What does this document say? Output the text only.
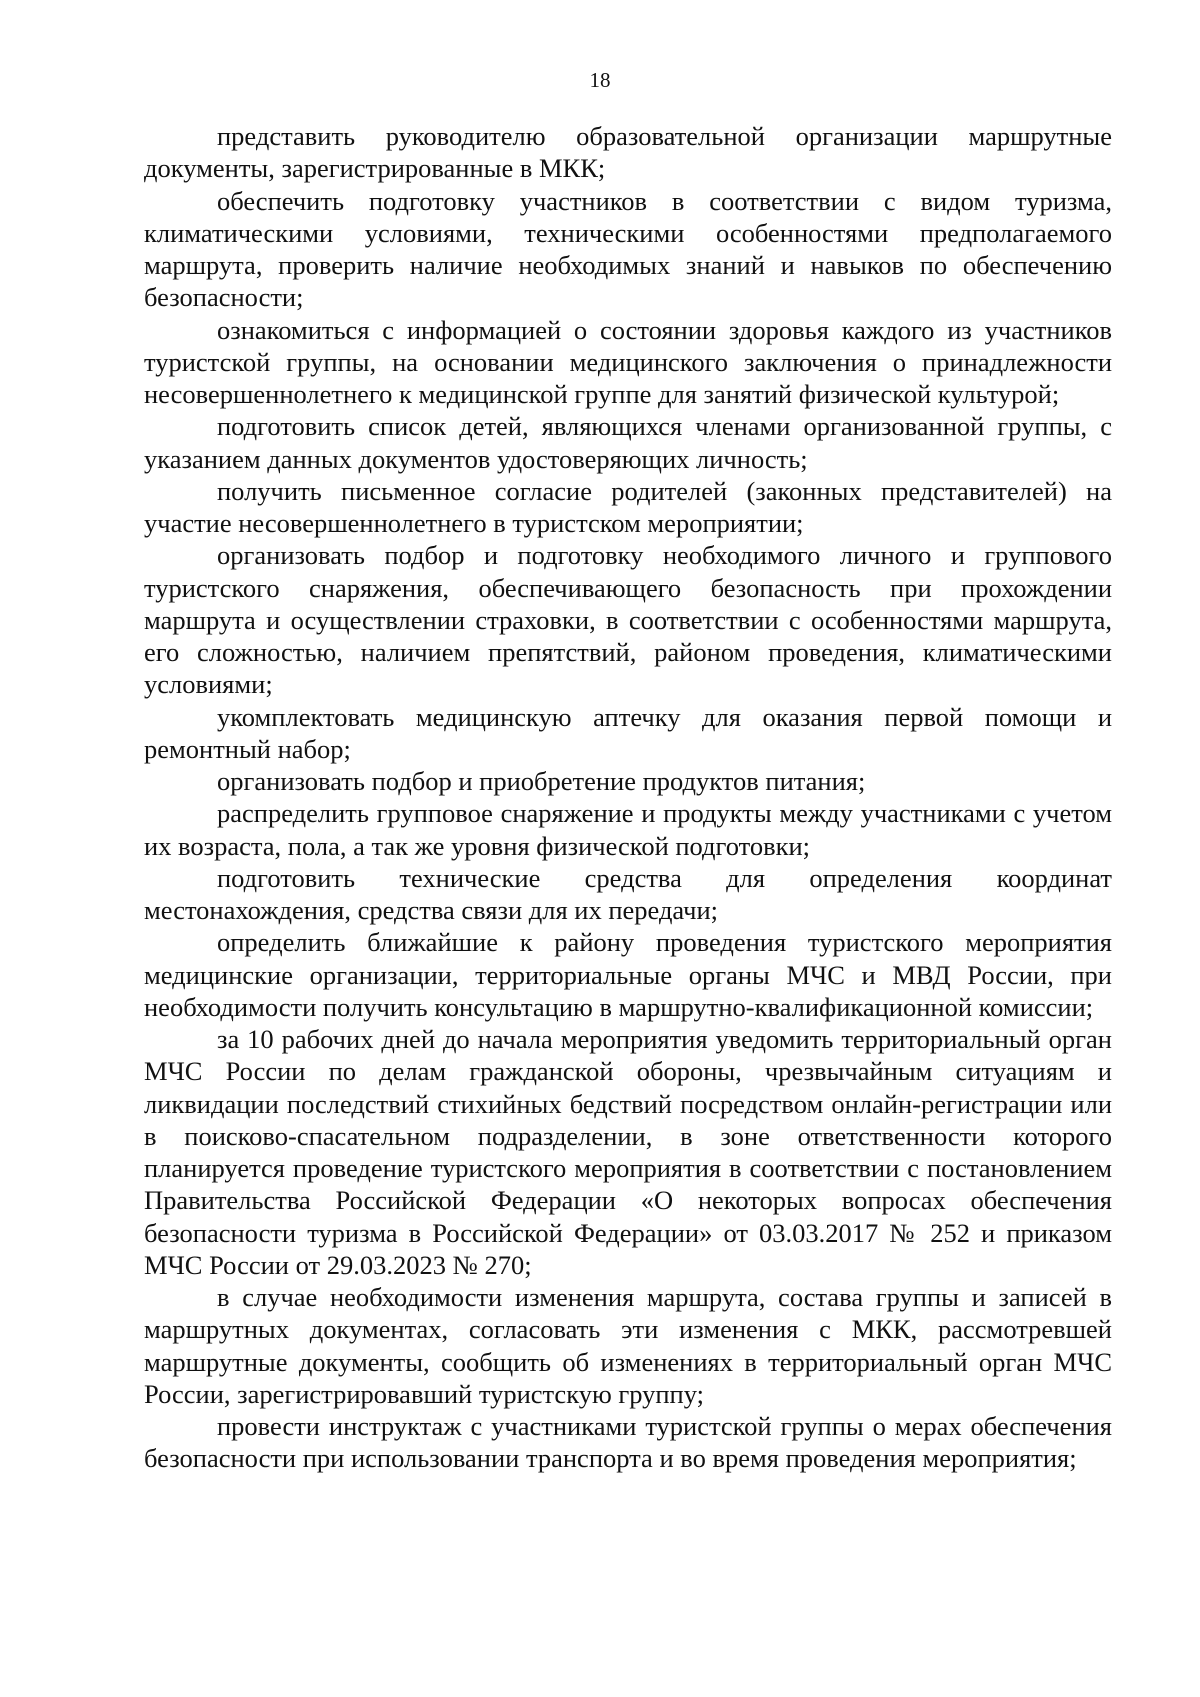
18

представить руководителю образовательной организации маршрутные документы, зарегистрированные в МКК;

обеспечить подготовку участников в соответствии с видом туризма, климатическими условиями, техническими особенностями предполагаемого маршрута, проверить наличие необходимых знаний и навыков по обеспечению безопасности;

ознакомиться с информацией о состоянии здоровья каждого из участников туристской группы, на основании медицинского заключения о принадлежности несовершеннолетнего к медицинской группе для занятий физической культурой;

подготовить список детей, являющихся членами организованной группы, с указанием данных документов удостоверяющих личность;

получить письменное согласие родителей (законных представителей) на участие несовершеннолетнего в туристском мероприятии;

организовать подбор и подготовку необходимого личного и группового туристского снаряжения, обеспечивающего безопасность при прохождении маршрута и осуществлении страховки, в соответствии с особенностями маршрута, его сложностью, наличием препятствий, районом проведения, климатическими условиями;

укомплектовать медицинскую аптечку для оказания первой помощи и ремонтный набор;

организовать подбор и приобретение продуктов питания;

распределить групповое снаряжение и продукты между участниками с учетом их возраста, пола, а так же уровня физической подготовки;

подготовить технические средства для определения координат местонахождения, средства связи для их передачи;

определить ближайшие к району проведения туристского мероприятия медицинские организации, территориальные органы МЧС и МВД России, при необходимости получить консультацию в маршрутно-квалификационной комиссии;

за 10 рабочих дней до начала мероприятия уведомить территориальный орган МЧС России по делам гражданской обороны, чрезвычайным ситуациям и ликвидации последствий стихийных бедствий посредством онлайн-регистрации или в поисково-спасательном подразделении, в зоне ответственности которого планируется проведение туристского мероприятия в соответствии с постановлением Правительства Российской Федерации «О некоторых вопросах обеспечения безопасности туризма в Российской Федерации» от 03.03.2017 № 252 и приказом МЧС России от 29.03.2023 № 270;

в случае необходимости изменения маршрута, состава группы и записей в маршрутных документах, согласовать эти изменения с МКК, рассмотревшей маршрутные документы, сообщить об изменениях в территориальный орган МЧС России, зарегистрировавший туристскую группу;

провести инструктаж с участниками туристской группы о мерах обеспечения безопасности при использовании транспорта и во время проведения мероприятия;
